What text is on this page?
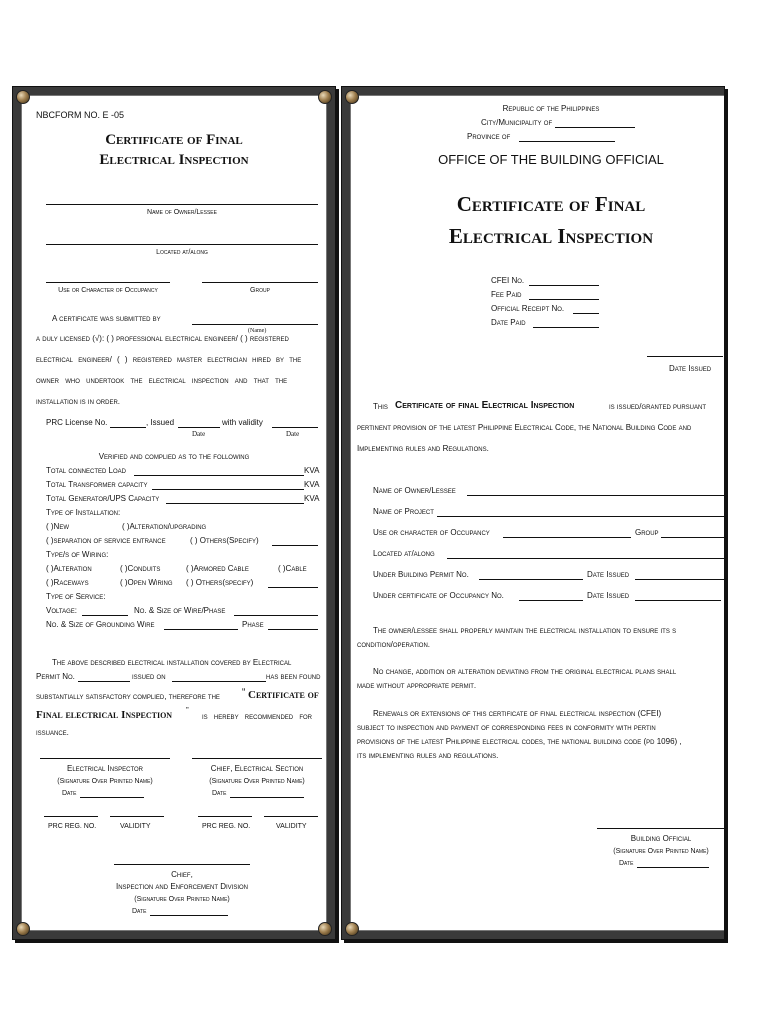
NBCFORM NO. E -05
Certificate of Final
Electrical Inspection
Name of Owner/Lessee
Located at/along
Use or Character of Occupancy	Group
A certificate was submitted by
(Name)
a duly licensed (√): ( ) professional electrical engineer/ ( ) registered
electrical engineer/ ( ) registered master electrician hired by the
owner who undertook the electrical inspection and that the
installation is in order.
PRC License No.	, Issued	with validity
Date	Date
Verified and complied as to the following
Total connected Load	KVA
Total Transformer capacity	KVA
Total Generator/UPS Capacity	KVA
Type of Installation:
( )New	( )Alteration/upgrading
( )separation of service entrance	( ) Others(Specify)
Type/s of Wiring:
( )Alteration	( )Conduits	( )Armored Cable	( )Cable
( )Raceways	( )Open Wiring ( ) Others(specify)
Type of Service:
Voltage:	No. & Size of Wire/Phase
No. & Size of Grounding Wire	Phase
The above described electrical installation covered by Electrical
Permit No.	issued on	has been found
substantially satisfactory complied, therefore the “ Certificate of
Final electrical Inspection ”
is hereby recommended for
issuance.
Electrical Inspector
(Signature Over Printed Name)
Date
Chief, Electrical Section
(Signature Over Printed Name)
Date
PRC REG. NO.	VALIDITY	PRC REG. NO.	VALIDITY
Chief,
Inspection and Enforcement Division
(Signature Over Printed Name)
Date
Republic of the Philippines
City/Municipality of
Province of
OFFICE OF THE BUILDING OFFICIAL
Certificate of Final
Electrical Inspection
CFEI No.
Fee Paid
Official Receipt No.
Date Paid
Date Issued
This Certificate of final Electrical Inspection	is issued/granted pursuant
pertinent provision of the latest Philippine Electrical Code, the National Building Code and
Implementing rules and Regulations.
Name of Owner/Lessee
Name of Project
Use or character of Occupancy	Group
Located at/along
Under Building Permit No.	Date Issued
Under certificate of Occupancy No.	Date Issued
The owner/lessee shall properly maintain the electrical installation to ensure its s
condition/operation.
No change, addition or alteration deviating from the original electrical plans shall
made without appropriate permit.
Renewals or extensions of this certificate of final electrical inspection (CFEI)
subject to inspection and payment of corresponding fees in conformity with pertin
provisions of the latest Philippine electrical codes, the national building code (pd 1096) ,
its implementing rules and regulations.
Building Official
(Signature Over Printed Name)
Date
